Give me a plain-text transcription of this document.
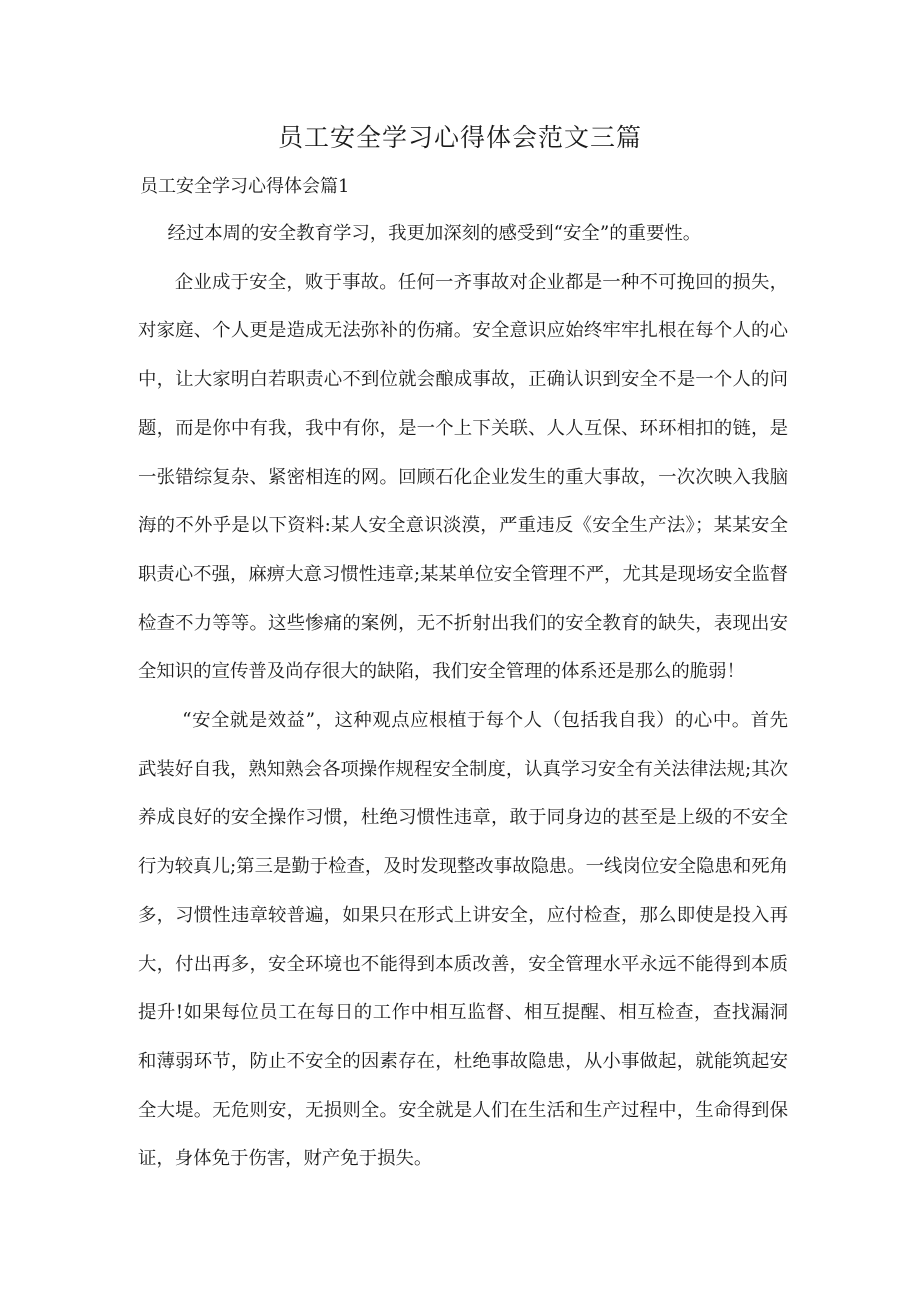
员工安全学习心得体会范文三篇
员工安全学习心得体会篇1

经过本周的安全教育学习，我更加深刻的感受到“安全”的重要性。

企业成于安全，败于事故。任何一齐事故对企业都是一种不可挽回的损失，对家庭、个人更是造成无法弥补的伤痛。安全意识应始终牢牢扎根在每个人的心中，让大家明白若职责心不到位就会酿成事故，正确认识到安全不是一个人的问题，而是你中有我，我中有你，是一个上下关联、人人互保、环环相扣的链，是一张错综复杂、紧密相连的网。回顾石化企业发生的重大事故，一次次映入我脑海的不外乎是以下资料:某人安全意识淡漠，严重违反《安全生产法》；某某安全职责心不强，麻痹大意习惯性违章;某某单位安全管理不严，尤其是现场安全监督检查不力等等。这些惨痛的案例，无不折射出我们的安全教育的缺失，表现出安全知识的宣传普及尚存很大的缺陷，我们安全管理的体系还是那么的脆弱！

“安全就是效益”，这种观点应根植于每个人（包括我自我）的心中。首先武装好自我，熟知熟会各项操作规程安全制度，认真学习安全有关法律法规;其次养成良好的安全操作习惯，杜绝习惯性违章，敢于同身边的甚至是上级的不安全行为较真儿;第三是勤于检查，及时发现整改事故隐患。一线岗位安全隐患和死角多，习惯性违章较普遍，如果只在形式上讲安全，应付检查，那么即使是投入再大，付出再多，安全环境也不能得到本质改善，安全管理水平永远不能得到本质提升!如果每位员工在每日的工作中相互监督、相互提醒、相互检查，查找漏洞和薄弱环节，防止不安全的因素存在，杜绝事故隐患，从小事做起，就能筑起安全大堤。无危则安，无损则全。安全就是人们在生活和生产过程中，生命得到保证，身体免于伤害，财产免于损失。
